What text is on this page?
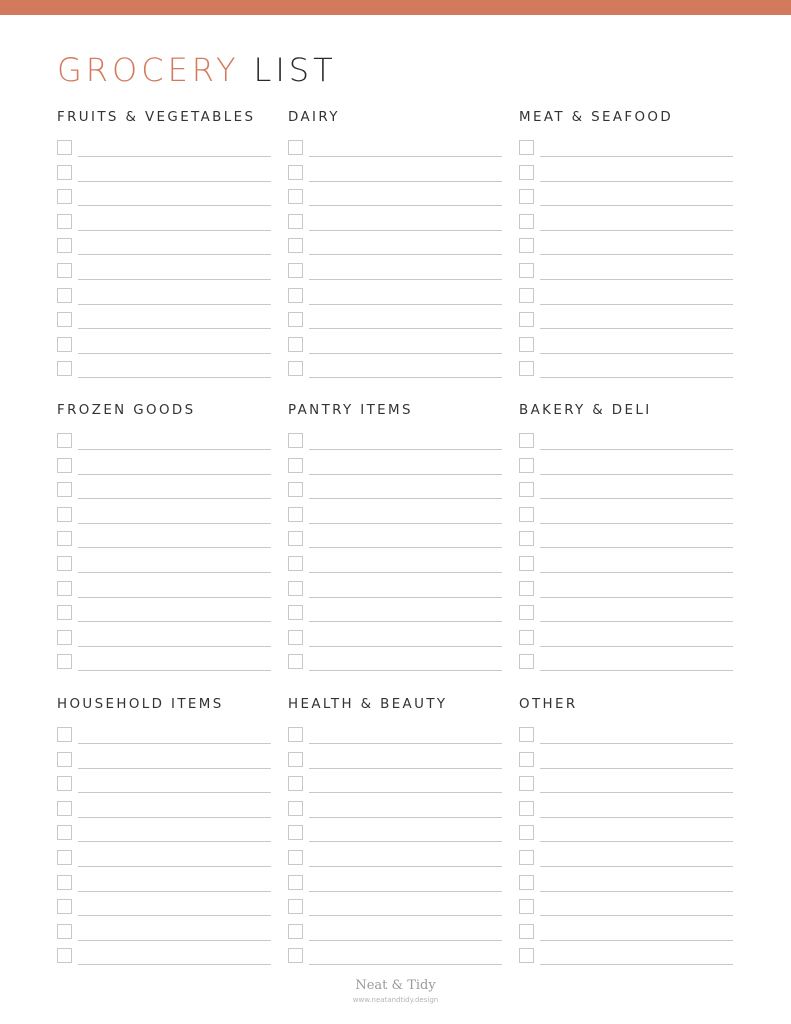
GROCERY LIST
FRUITS & VEGETABLES DAIRY	MEAT & SEAFOOD
FROZEN GOODS	PANTRY ITEMS	BAKERY & DELI
HOUSEHOLD ITEMS	HEALTH & BEAUTY	OTHER
Neat & Tidy
www.neatandtidy.design
